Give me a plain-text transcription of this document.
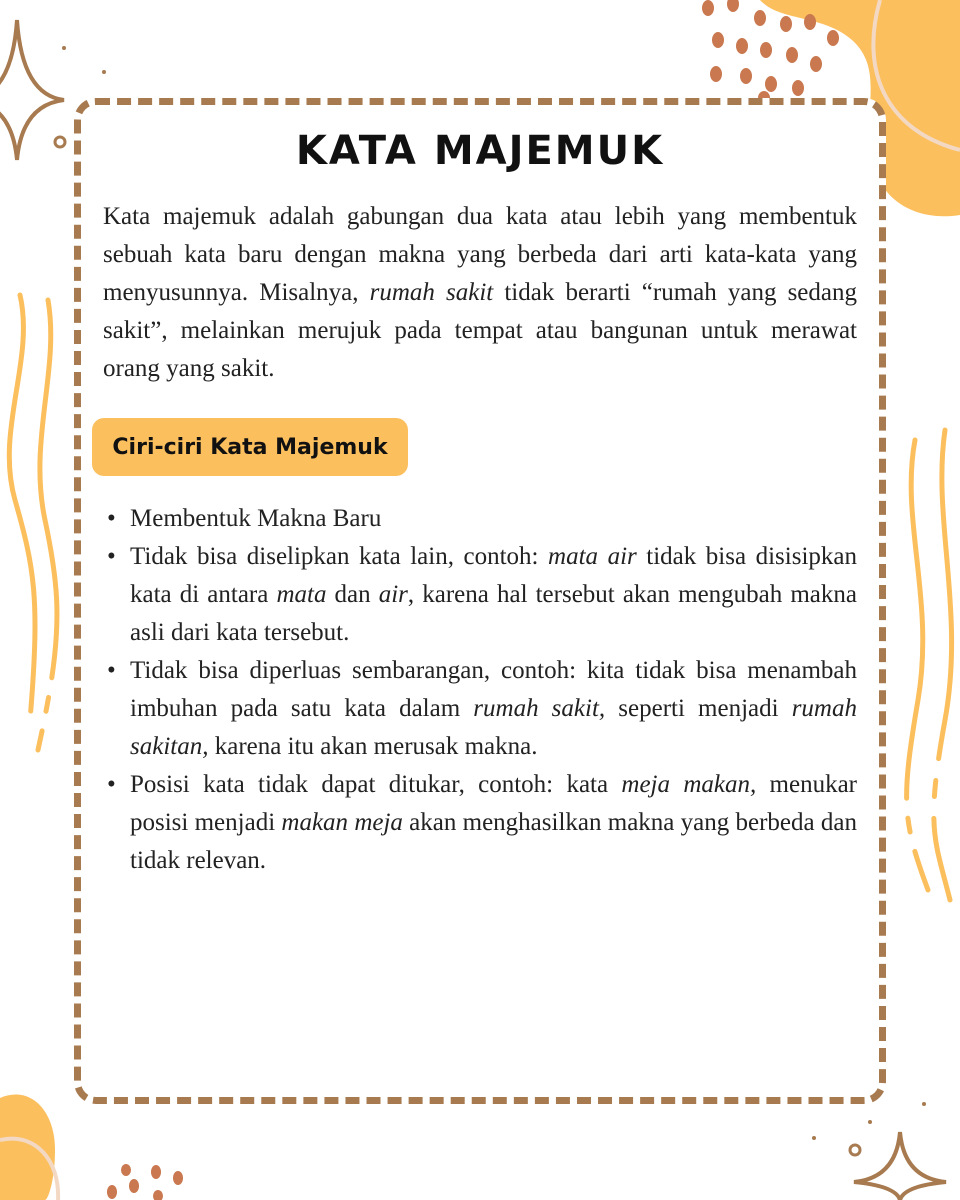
KATA MAJEMUK

Kata majemuk adalah gabungan dua kata atau lebih yang membentuk sebuah kata baru dengan makna yang berbeda dari arti kata-kata yang menyusunnya. Misalnya, rumah sakit tidak berarti “rumah yang sedang sakit”, melainkan merujuk pada tempat atau bangunan untuk merawat orang yang sakit.

Ciri-ciri Kata Majemuk
• Membentuk Makna Baru
• Tidak bisa diselipkan kata lain, contoh: mata air tidak bisa disisipkan kata di antara mata dan air, karena hal tersebut akan mengubah makna asli dari kata tersebut.
• Tidak bisa diperluas sembarangan, contoh: kita tidak bisa menambah imbuhan pada satu kata dalam rumah sakit, seperti menjadi rumah sakitan, karena itu akan merusak makna.
• Posisi kata tidak dapat ditukar, contoh: kata meja makan, menukar posisi menjadi makan meja akan menghasilkan makna yang berbeda dan tidak relevan.
